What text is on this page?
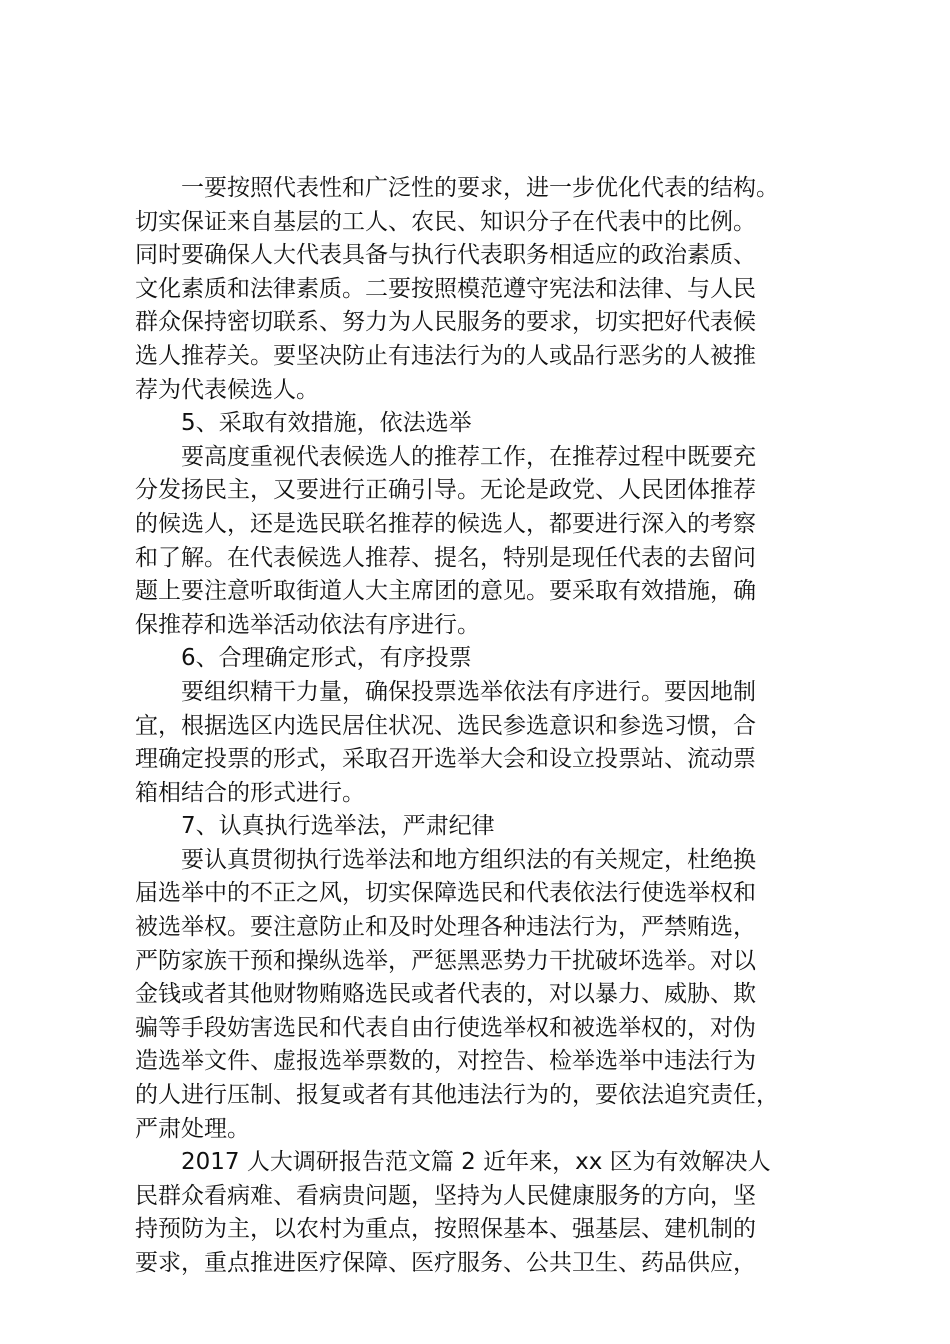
　　一要按照代表性和广泛性的要求，进一步优化代表的结构。
切实保证来自基层的工人、农民、知识分子在代表中的比例。
同时要确保人大代表具备与执行代表职务相适应的政治素质、
文化素质和法律素质。二要按照模范遵守宪法和法律、与人民
群众保持密切联系、努力为人民服务的要求，切实把好代表候
选人推荐关。要坚决防止有违法行为的人或品行恶劣的人被推
荐为代表候选人。
　　5、采取有效措施，依法选举
　　要高度重视代表候选人的推荐工作，在推荐过程中既要充
分发扬民主，又要进行正确引导。无论是政党、人民团体推荐
的候选人，还是选民联名推荐的候选人，都要进行深入的考察
和了解。在代表候选人推荐、提名，特别是现任代表的去留问
题上要注意听取街道人大主席团的意见。要采取有效措施，确
保推荐和选举活动依法有序进行。
　　6、合理确定形式，有序投票
　　要组织精干力量，确保投票选举依法有序进行。要因地制
宜，根据选区内选民居住状况、选民参选意识和参选习惯，合
理确定投票的形式，采取召开选举大会和设立投票站、流动票
箱相结合的形式进行。
　　7、认真执行选举法，严肃纪律
　　要认真贯彻执行选举法和地方组织法的有关规定，杜绝换
届选举中的不正之风，切实保障选民和代表依法行使选举权和
被选举权。要注意防止和及时处理各种违法行为，严禁贿选，
严防家族干预和操纵选举，严惩黑恶势力干扰破坏选举。对以
金钱或者其他财物贿赂选民或者代表的，对以暴力、威胁、欺
骗等手段妨害选民和代表自由行使选举权和被选举权的，对伪
造选举文件、虚报选举票数的，对控告、检举选举中违法行为
的人进行压制、报复或者有其他违法行为的，要依法追究责任，
严肃处理。
　　2017 人大调研报告范文篇 2 近年来，xx 区为有效解决人
民群众看病难、看病贵问题，坚持为人民健康服务的方向，坚
持预防为主，以农村为重点，按照保基本、强基层、建机制的
要求，重点推进医疗保障、医疗服务、公共卫生、药品供应，
